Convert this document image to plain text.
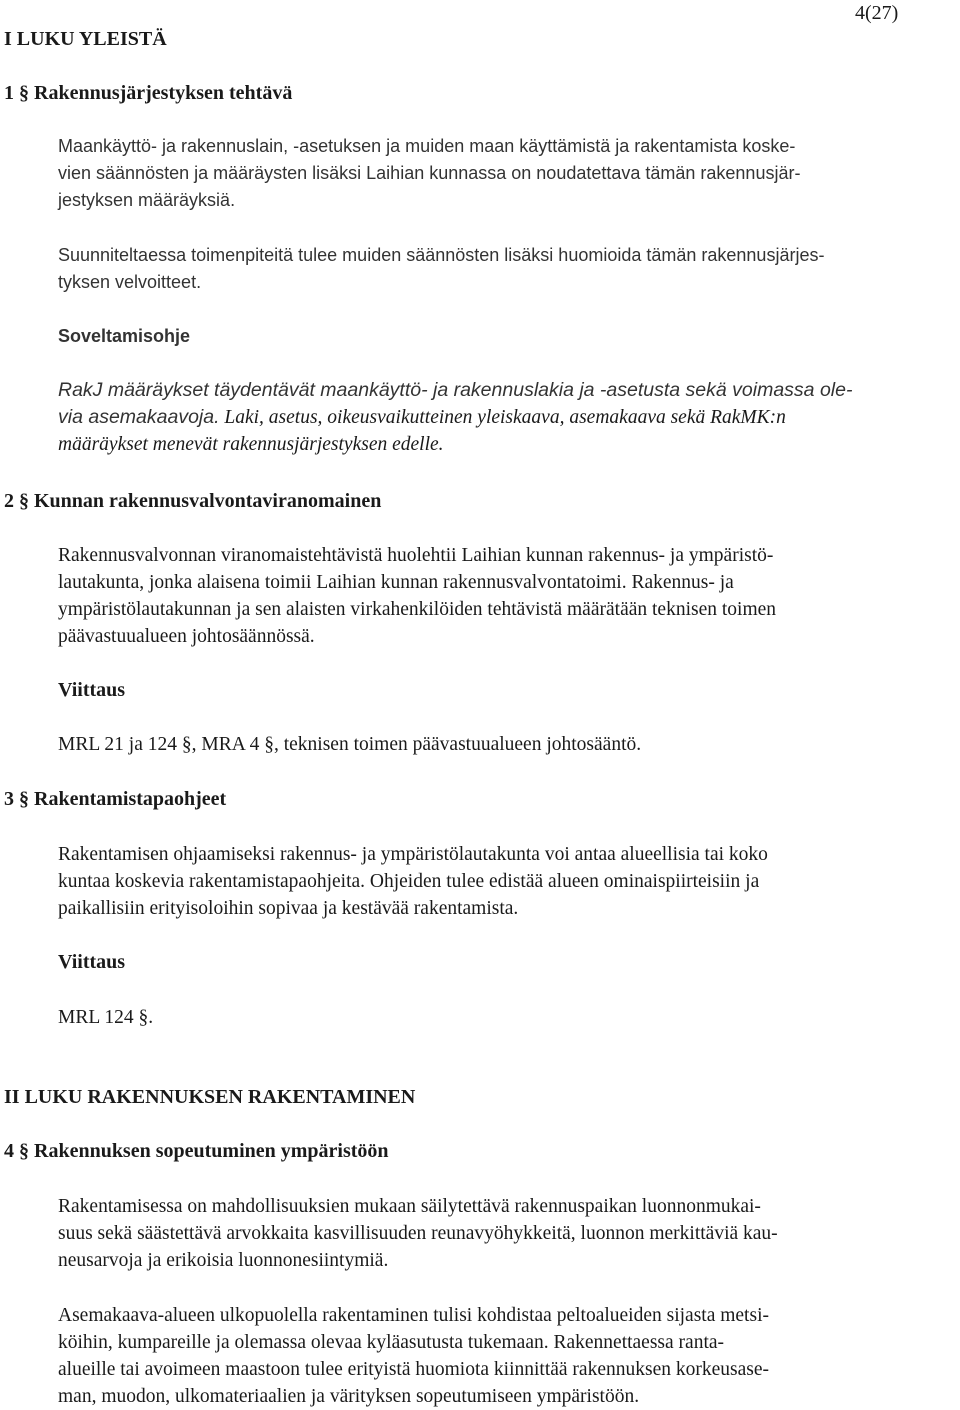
4(27)
I LUKU YLEISTÄ
1 § Rakennusjärjestyksen tehtävä
Maankäyttö- ja rakennuslain, -asetuksen ja muiden maan käyttämistä ja rakentamista koske-
vien säännösten ja määräysten lisäksi Laihian kunnassa on noudatettava tämän rakennusjär-
jestyksen määräyksiä.
Suunniteltaessa toimenpiteitä tulee muiden säännösten lisäksi huomioida tämän rakennusjärjes-
tyksen velvoitteet.
Soveltamisohje
RakJ määräykset täydentävät maankäyttö- ja rakennuslakia ja -asetusta sekä voimassa ole-
via asemakaavoja. Laki, asetus, oikeusvaikutteinen yleiskaava, asemakaava sekä RakMK:n
määräykset menevät rakennusjärjestyksen edelle.
2 § Kunnan rakennusvalvontaviranomainen
Rakennusvalvonnan viranomaistehtävistä huolehtii Laihian kunnan rakennus- ja ympäristö-
lautakunta, jonka alaisena toimii Laihian kunnan rakennusvalvontatoimi. Rakennus- ja
ympäristölautakunnan ja sen alaisten virkahenkilöiden tehtävistä määrätään teknisen toimen
päävastuualueen johtosäännössä.
Viittaus
MRL 21 ja 124 §, MRA 4 §, teknisen toimen päävastuualueen johtosääntö.
3 § Rakentamistapaohjeet
Rakentamisen ohjaamiseksi rakennus- ja ympäristölautakunta voi antaa alueellisia tai koko
kuntaa koskevia rakentamistapaohjeita. Ohjeiden tulee edistää alueen ominaispiirteisiin ja
paikallisiin erityisoloihin sopivaa ja kestävää rakentamista.
Viittaus
MRL 124 §.
II LUKU RAKENNUKSEN RAKENTAMINEN
4 § Rakennuksen sopeutuminen ympäristöön
Rakentamisessa on mahdollisuuksien mukaan säilytettävä rakennuspaikan luonnonmukai-
suus sekä säästettävä arvokkaita kasvillisuuden reunavyöhykkeitä, luonnon merkittäviä kau-
neusarvoja ja erikoisia luonnonesiintymiä.
Asemakaava-alueen ulkopuolella rakentaminen tulisi kohdistaa peltoalueiden sijasta metsi-
köihin, kumpareille ja olemassa olevaa kyläasutusta tukemaan. Rakennettaessa ranta-
alueille tai avoimeen maastoon tulee erityistä huomiota kiinnittää rakennuksen korkeusase-
man, muodon, ulkomateriaalien ja värityksen sopeutumiseen ympäristöön.
